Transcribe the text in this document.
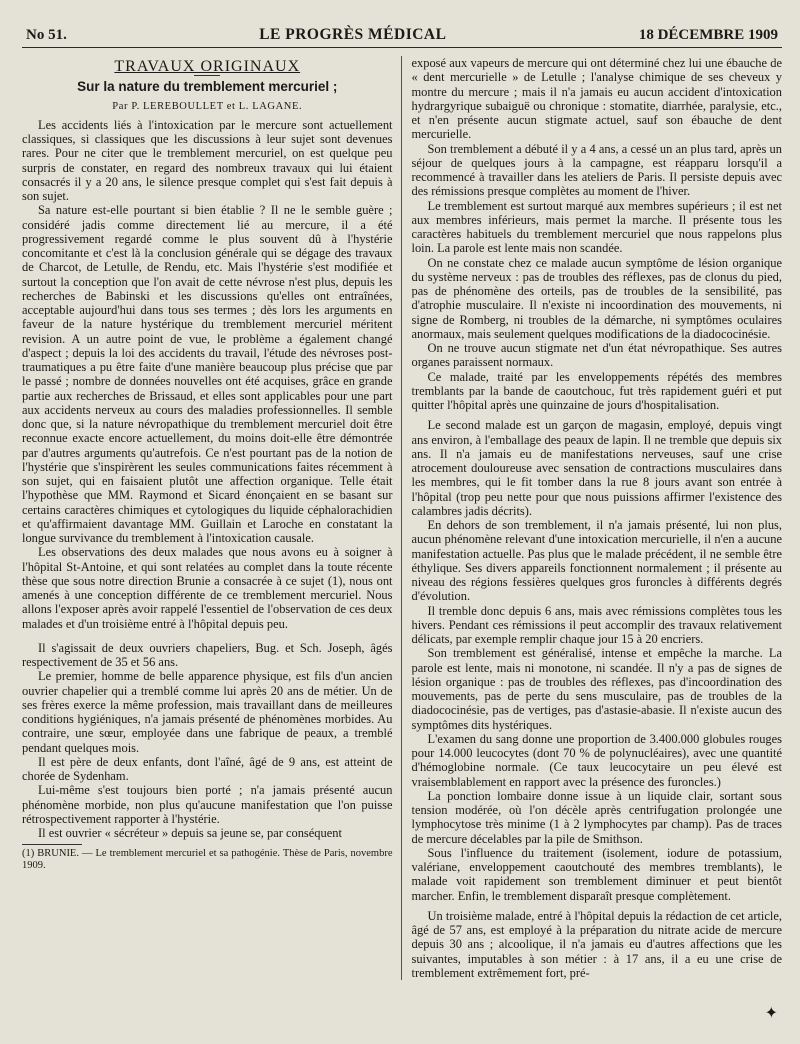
No 51.	LE PROGRÈS MÉDICAL	18 DÉCEMBRE 1909
TRAVAUX ORIGINAUX
Sur la nature du tremblement mercuriel ;
Par P. LEREBOULLET et L. LAGANE.

Les accidents liés à l'intoxication par le mercure sont actuellement classiques, si classiques que les discussions à leur sujet sont devenues rares. Pour ne citer que le tremblement mercuriel, on est quelque peu surpris de constater, en regard des nombreux travaux qui lui étaient consacrés il y a 20 ans, le silence presque complet qui s'est fait depuis à son sujet.

Sa nature est-elle pourtant si bien établie ? Il ne le semble guère ; considéré jadis comme directement lié au mercure, il a été progressivement regardé comme le plus souvent dû à l'hystérie concomitante et c'est là la conclusion générale qui se dégage des travaux de Charcot, de Letulle, de Rendu, etc. Mais l'hystérie s'est modifiée et surtout la conception que l'on avait de cette névrose n'est plus, depuis les recherches de Babinski et les discussions qu'elles ont entraînées, acceptable aujourd'hui dans tous ses termes ; dès lors les arguments en faveur de la nature hystérique du tremblement mercuriel méritent revision. A un autre point de vue, le problème a également changé d'aspect ; depuis la loi des accidents du travail, l'étude des névroses post-traumatiques a pu être faite d'une manière beaucoup plus précise que par le passé ; nombre de données nouvelles ont été acquises, grâce en grande partie aux recherches de Brissaud, et elles sont applicables pour une part aux accidents nerveux au cours des maladies professionnelles. Il semble donc que, si la nature névropathique du tremblement mercuriel doit être reconnue exacte encore actuellement, du moins doit-elle être démontrée par d'autres arguments qu'autrefois. Ce n'est pourtant pas de la notion de l'hystérie que s'inspirèrent les seules communications faites récemment à son sujet, qui en faisaient plutôt une affection organique. Telle était l'hypothèse que MM. Raymond et Sicard énonçaient en se basant sur certains caractères chimiques et cytologiques du liquide céphalorachidien et qu'affirmaient davantage MM. Guillain et Laroche en constatant la longue survivance du tremblement à l'intoxication causale.

Les observations des deux malades que nous avons eu à soigner à l'hôpital St-Antoine, et qui sont relatées au complet dans la toute récente thèse que sous notre direction Brunie a consacrée à ce sujet (1), nous ont amenés à une conception différente de ce tremblement mercuriel. Nous allons l'exposer après avoir rappelé l'essentiel de l'observation de ces deux malades et d'un troisième entré à l'hôpital depuis peu.

Il s'agissait de deux ouvriers chapeliers, Bug. et Sch. Joseph, âgés respectivement de 35 et 56 ans.

Le premier, homme de belle apparence physique, est fils d'un ancien ouvrier chapelier qui a tremblé comme lui après 20 ans de métier. Un de ses frères exerce la même profession, mais travaillant dans de meilleures conditions hygiéniques, n'a jamais présenté de phénomènes morbides. Au contraire, une sœur, employée dans une fabrique de peaux, a tremblé pendant quelques mois.

Il est père de deux enfants, dont l'aîné, âgé de 9 ans, est atteint de chorée de Sydenham.

Lui-même s'est toujours bien porté ; n'a jamais présenté aucun phénomène morbide, non plus qu'aucune manifestation que l'on puisse rétrospectivement rapporter à l'hystérie.

Il est ouvrier « sécréteur » depuis sa jeune se, par conséquent

(1) BRUNIE. — Le tremblement mercuriel et sa pathogénie. Thèse de Paris, novembre 1909.

exposé aux vapeurs de mercure qui ont déterminé chez lui une ébauche de « dent mercurielle » de Letulle ; l'analyse chimique de ses cheveux y montre du mercure ; mais il n'a jamais eu aucun accident d'intoxication hydrargyrique subaiguë ou chronique : stomatite, diarrhée, paralysie, etc., et n'en présente aucun stigmate actuel, sauf son ébauche de dent mercurielle.

Son tremblement a débuté il y a 4 ans, a cessé un an plus tard, après un séjour de quelques jours à la campagne, est réapparu lorsqu'il a recommencé à travailler dans les ateliers de Paris. Il persiste depuis avec des rémissions presque complètes au moment de l'hiver.

Le tremblement est surtout marqué aux membres supérieurs ; il est net aux membres inférieurs, mais permet la marche. Il présente tous les caractères habituels du tremblement mercuriel que nous rappelons plus loin. La parole est lente mais non scandée.

On ne constate chez ce malade aucun symptôme de lésion organique du système nerveux : pas de troubles des réflexes, pas de clonus du pied, pas de phénomène des orteils, pas de troubles de la sensibilité, pas d'atrophie musculaire. Il n'existe ni incoordination des mouvements, ni signe de Romberg, ni troubles de la démarche, ni symptômes oculaires anormaux, mais seulement quelques modifications de la diadococinésie.

On ne trouve aucun stigmate net d'un état névropathique. Ses autres organes paraissent normaux.

Ce malade, traité par les enveloppements répétés des membres tremblants par la bande de caoutchouc, fut très rapidement guéri et put quitter l'hôpital après une quinzaine de jours d'hospitalisation.

Le second malade est un garçon de magasin, employé, depuis vingt ans environ, à l'emballage des peaux de lapin. Il ne tremble que depuis six ans. Il n'a jamais eu de manifestations nerveuses, sauf une crise atrocement douloureuse avec sensation de contractions musculaires dans les membres, qui le fit tomber dans la rue 8 jours avant son entrée à l'hôpital (trop peu nette pour que nous puissions affirmer l'existence des calambres jadis décrits).

En dehors de son tremblement, il n'a jamais présenté, lui non plus, aucun phénomène relevant d'une intoxication mercurielle, il n'en a aucune manifestation actuelle. Pas plus que le malade précédent, il ne semble être éthylique. Ses divers appareils fonctionnent normalement ; il présente au niveau des régions fessières quelques gros furoncles à différents degrés d'évolution.

Il tremble donc depuis 6 ans, mais avec rémissions complètes tous les hivers. Pendant ces rémissions il peut accomplir des travaux relativement délicats, par exemple remplir chaque jour 15 à 20 encriers.

Son tremblement est généralisé, intense et empêche la marche. La parole est lente, mais ni monotone, ni scandée. Il n'y a pas de signes de lésion organique : pas de troubles des réflexes, pas d'incoordination des mouvements, pas de perte du sens musculaire, pas de troubles de la diadococinésie, pas de vertiges, pas d'astasie-abasie. Il n'existe aucun des symptômes dits hystériques.

L'examen du sang donne une proportion de 3.400.000 globules rouges pour 14.000 leucocytes (dont 70 % de polynucléaires), avec une quantité d'hémoglobine normale. (Ce taux leucocytaire un peu élevé est vraisemblablement en rapport avec la présence des furoncles.)

La ponction lombaire donne issue à un liquide clair, sortant sous tension modérée, où l'on décèle après centrifugation prolongée une lymphocytose très minime (1 à 2 lymphocytes par champ). Pas de traces de mercure décelables par la pile de Smithson.

Sous l'influence du traitement (isolement, iodure de potassium, valériane, enveloppement caoutchouté des membres tremblants), le malade voit rapidement son tremblement diminuer et peut bientôt marcher. Enfin, le tremblement disparaît presque complètement.

Un troisième malade, entré à l'hôpital depuis la rédaction de cet article, âgé de 57 ans, est employé à la préparation du nitrate acide de mercure depuis 30 ans ; alcoolique, il n'a jamais eu d'autres affections que les suivantes, imputables à son métier : à 17 ans, il a eu une crise de tremblement extrêmement fort, pré-

✦
